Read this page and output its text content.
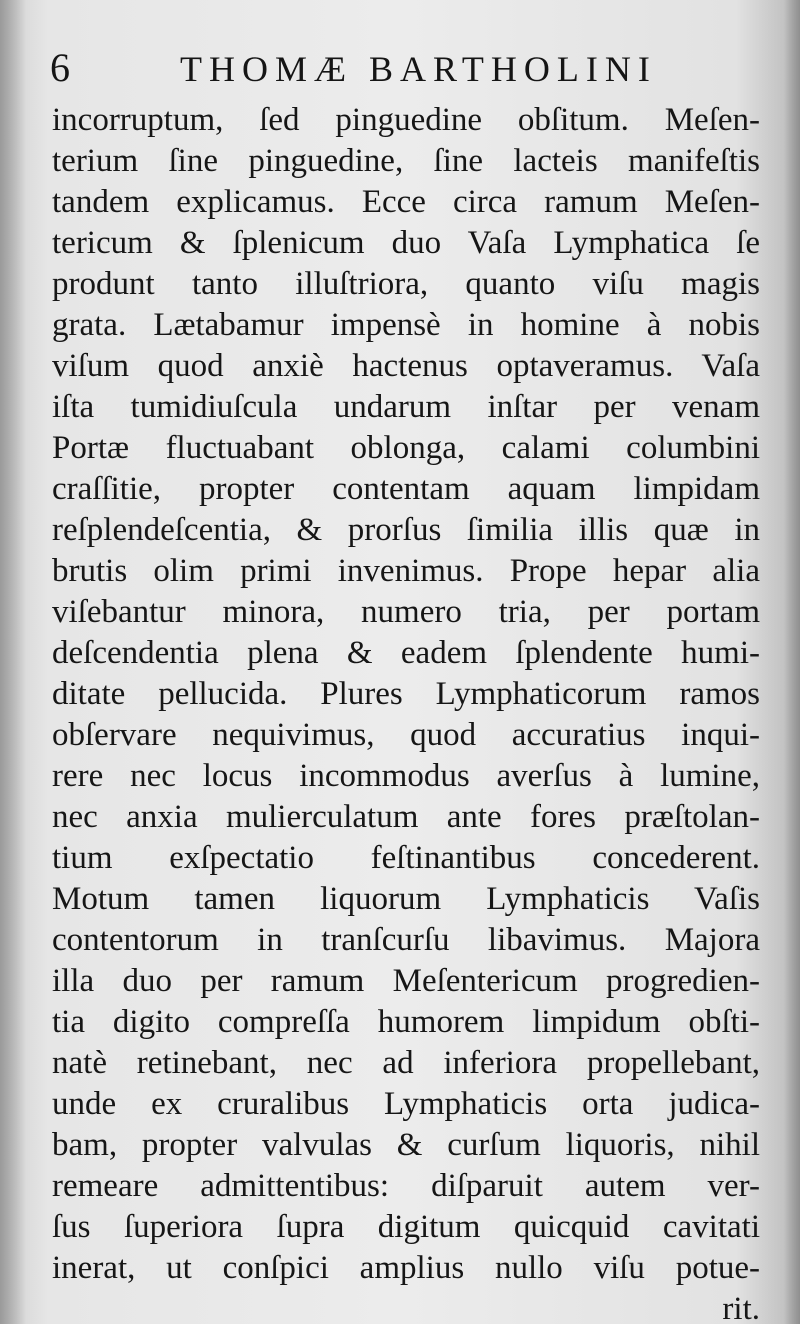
6	THOMÆ BARTHOLINI
incorruptum, ſed pinguedine obſitum. Meſen-
terium ſine pinguedine, ſine lacteis manifeſtis
tandem explicamus. Ecce circa ramum Meſen-
tericum & ſplenicum duo Vaſa Lymphatica ſe
produnt tanto illuſtriora, quanto viſu magis
grata. Lætabamur impensè in homine à nobis
viſum quod anxiè hactenus optaveramus. Vaſa
iſta tumidiuſcula undarum inſtar per venam
Portæ fluctuabant oblonga, calami columbini
craſſitie, propter contentam aquam limpidam
reſplendeſcentia, & prorſus ſimilia illis quæ in
brutis olim primi invenimus. Prope hepar alia
viſebantur minora, numero tria, per portam
deſcendentia plena & eadem ſplendente humi-
ditate pellucida. Plures Lymphaticorum ramos
obſervare nequivimus, quod accuratius inqui-
rere nec locus incommodus averſus à lumine,
nec anxia mulierculatum ante fores præſtolan-
tium exſpectatio feſtinantibus concederent.
Motum tamen liquorum Lymphaticis Vaſis
contentorum in tranſcurſu libavimus. Majora
illa duo per ramum Meſentericum progredien-
tia digito compreſſa humorem limpidum obſti-
natè retinebant, nec ad inferiora propellebant,
unde ex cruralibus Lymphaticis orta judica-
bam, propter valvulas & curſum liquoris, nihil
remeare admittentibus: diſparuit autem ver-
ſus ſuperiora ſupra digitum quicquid cavitati
inerat, ut conſpici amplius nullo viſu potue-
rit.
